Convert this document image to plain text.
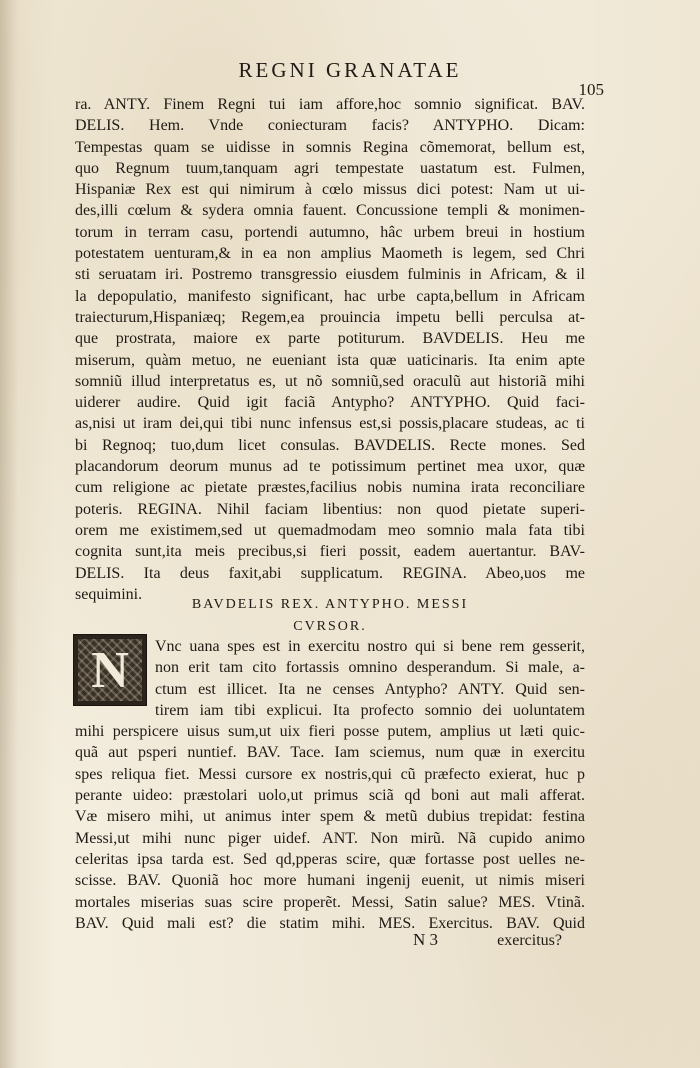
REGNI GRANATAE
105
ra. ANTY. Finem Regni tui iam affore,hoc somnio significat. BAV.
DELIS. Hem. Vnde coniecturam facis? ANTYPHO. Dicam:
Tempestas quam se uidisse in somnis Regina cõmemorat, bellum est,
quo Regnum tuum,tanquam agri tempestate uastatum est. Fulmen,
Hispaniæ Rex est qui nimirum à cœlo missus dici potest: Nam ut ui-
des,illi cœlum & sydera omnia fauent. Concussione templi & monimen-
torum in terram casu, portendi autumno, hâc urbem breui in hostium
potestatem uenturam,& in ea non amplius Maometh is legem, sed Chri
sti seruatam iri. Postremo transgressio eiusdem fulminis in Africam, & il
la depopulatio, manifesto significant, hac urbe capta,bellum in Africam
traiecturum,Hispaniæq; Regem,ea prouincia impetu belli perculsa at-
que prostrata, maiore ex parte potiturum. BAVDELIS. Heu me
miserum, quàm metuo, ne eueniant ista quæ uaticinaris. Ita enim apte
somniũ illud interpretatus es, ut nõ somniũ,sed oraculũ aut historiã mihi
uiderer audire. Quid igit faciã Antypho? ANTYPHO. Quid faci-
as,nisi ut iram dei,qui tibi nunc infensus est,si possis,placare studeas, ac ti
bi Regnoq; tuo,dum licet consulas. BAVDELIS. Recte mones. Sed
placandorum deorum munus ad te potissimum pertinet mea uxor, quæ
cum religione ac pietate præstes,facilius nobis numina irata reconciliare
poteris. REGINA. Nihil faciam libentius: non quod pietate superi-
orem me existimem,sed ut quemadmodam meo somnio mala fata tibi
cognita sunt,ita meis precibus,si fieri possit, eadem auertantur. BAV-
DELIS. Ita deus faxit,abi supplicatum. REGINA. Abeo,uos me
sequimini.
BAVDELIS REX. ANTYPHO. MESSI
CVRSOR.
N	Vnc uana spes est in exercitu nostro qui si bene rem gesserit,
non erit tam cito fortassis omnino desperandum. Si male, a-
ctum est illicet. Ita ne censes Antypho? ANTY. Quid sen-
tirem iam tibi explicui. Ita profecto somnio dei uoluntatem
mihi perspicere uisus sum,ut uix fieri posse putem, amplius ut læti quic-
quã aut psperi nuntief. BAV. Tace. Iam sciemus, num quæ in exercitu
spes reliqua fiet. Messi cursore ex nostris,qui cũ præfecto exierat, huc p
perante uideo: præstolari uolo,ut primus sciã qd boni aut mali afferat.
Væ misero mihi, ut animus inter spem & metũ dubius trepidat: festina
Messi,ut mihi nunc piger uidef. ANT. Non mirũ. Nã cupido animo
celeritas ipsa tarda est. Sed qd,pperas scire, quæ fortasse post uelles ne-
scisse. BAV. Quoniã hoc more humani ingenij euenit, ut nimis miseri
mortales miserias suas scire properẽt. Messi, Satin salue? MES. Vtinã.
BAV. Quid mali est? die statim mihi. MES. Exercitus. BAV. Quid
N 3	exercitus?
